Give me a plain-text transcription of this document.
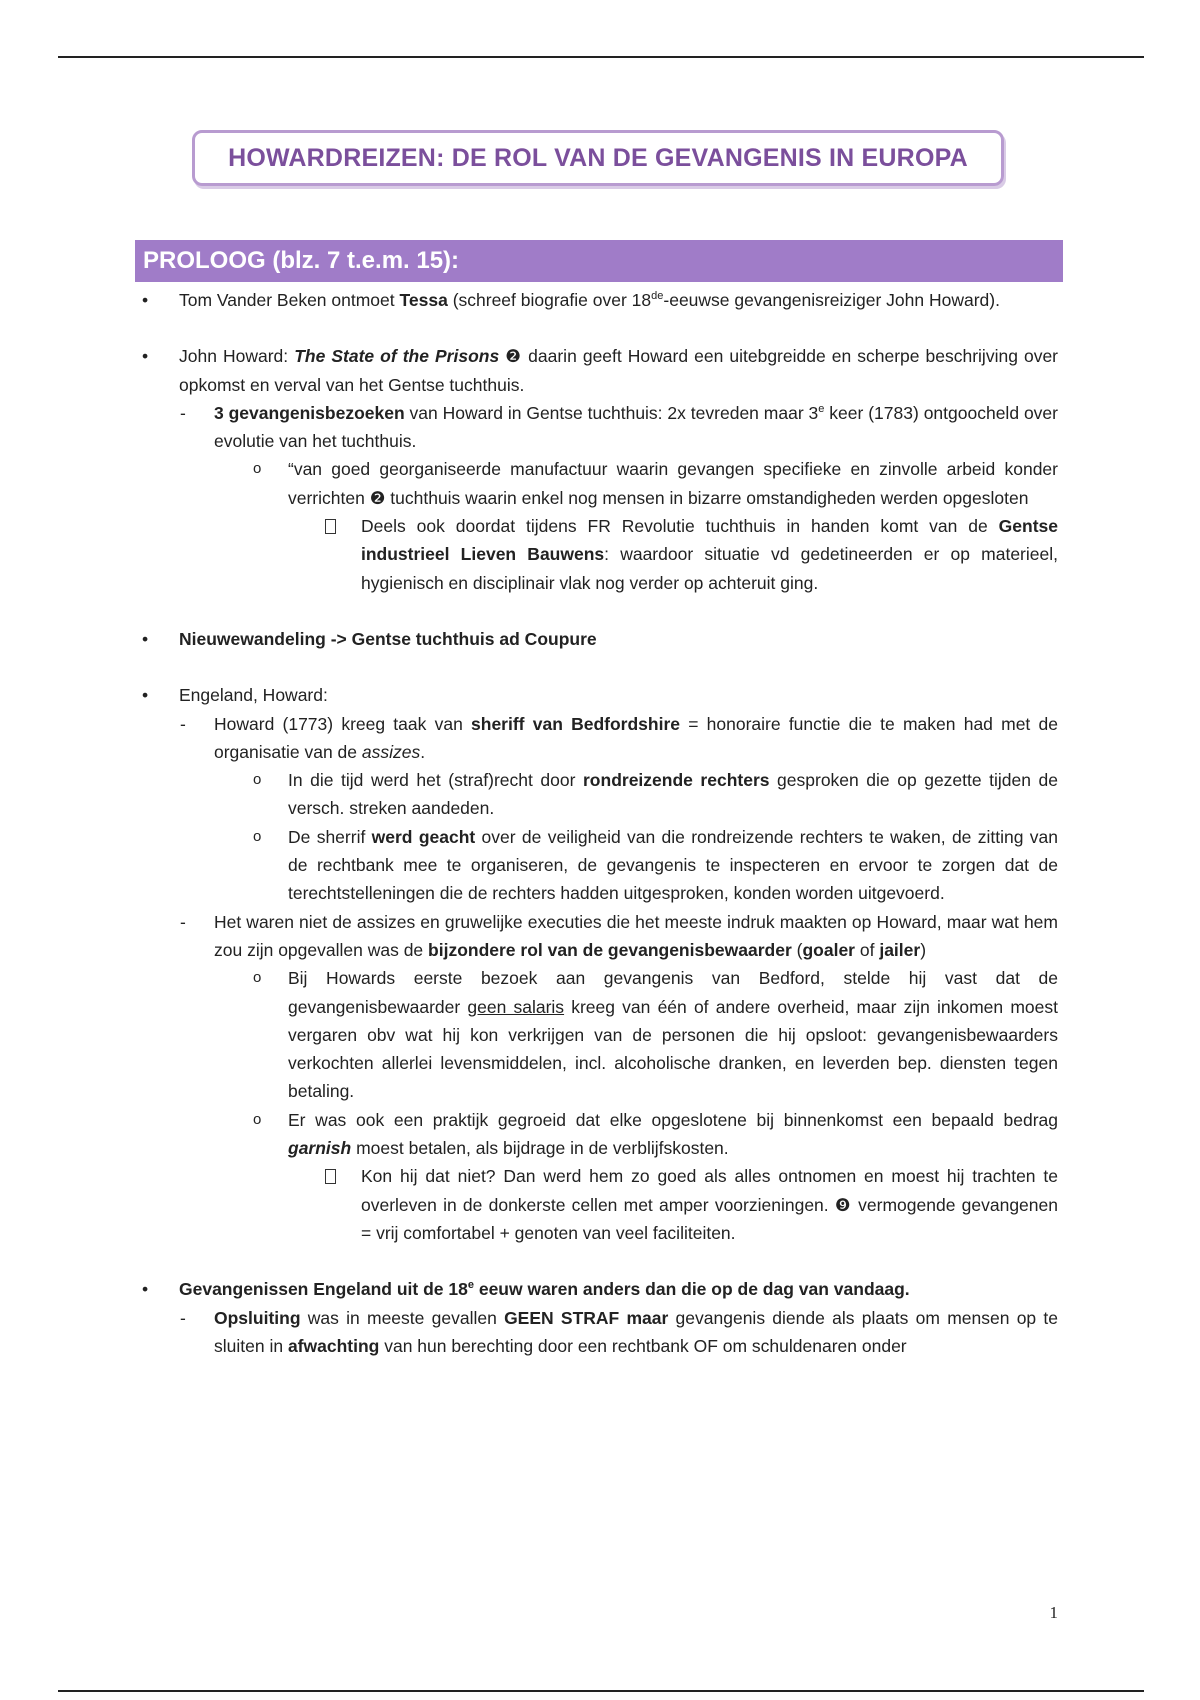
HOWARDREIZEN: DE ROL VAN DE GEVANGENIS IN EUROPA
PROLOOG (blz. 7 t.e.m. 15):
• Tom Vander Beken ontmoet Tessa (schreef biografie over 18de-eeuwse gevangenisreiziger John Howard).
• John Howard: The State of the Prisons ❷ daarin geeft Howard een uitebgreidde en scherpe beschrijving over opkomst en verval van het Gentse tuchthuis.
- 3 gevangenisbezoeken van Howard in Gentse tuchthuis: 2x tevreden maar 3e keer (1783) ontgoocheld over evolutie van het tuchthuis.
o “van goed georganiseerde manufactuur waarin gevangen specifieke en zinvolle arbeid konder verrichten ❷ tuchthuis waarin enkel nog mensen in bizarre omstandigheden werden opgesloten
Deels ook doordat tijdens FR Revolutie tuchthuis in handen komt van de Gentse industrieel Lieven Bauwens: waardoor situatie vd gedetineerden er op materieel, hygienisch en disciplinair vlak nog verder op achteruit ging.
• Nieuwewandeling -> Gentse tuchthuis ad Coupure
• Engeland, Howard:
- Howard (1773) kreeg taak van sheriff van Bedfordshire = honoraire functie die te maken had met de organisatie van de assizes.
o In die tijd werd het (straf)recht door rondreizende rechters gesproken die op gezette tijden de versch. streken aandeden.
o De sherrif werd geacht over de veiligheid van die rondreizende rechters te waken, de zitting van de rechtbank mee te organiseren, de gevangenis te inspecteren en ervoor te zorgen dat de terechtstelleningen die de rechters hadden uitgesproken, konden worden uitgevoerd.
- Het waren niet de assizes en gruwelijke executies die het meeste indruk maakten op Howard, maar wat hem zou zijn opgevallen was de bijzondere rol van de gevangenisbewaarder (goaler of jailer)
o Bij Howards eerste bezoek aan gevangenis van Bedford, stelde hij vast dat de gevangenisbewaarder geen salaris kreeg van één of andere overheid, maar zijn inkomen moest vergaren obv wat hij kon verkrijgen van de personen die hij opsloot: gevangenisbewaarders verkochten allerlei levensmiddelen, incl. alcoholische dranken, en leverden bep. diensten tegen betaling.
o Er was ook een praktijk gegroeid dat elke opgeslotene bij binnenkomst een bepaald bedrag garnish moest betalen, als bijdrage in de verblijfskosten.
Kon hij dat niet? Dan werd hem zo goed als alles ontnomen en moest hij trachten te overleven in de donkerste cellen met amper voorzieningen. ❾ vermogende gevangenen = vrij comfortabel + genoten van veel faciliteiten.
• Gevangenissen Engeland uit de 18e eeuw waren anders dan die op de dag van vandaag.
- Opsluiting was in meeste gevallen GEEN STRAF maar gevangenis diende als plaats om mensen op te sluiten in afwachting van hun berechting door een rechtbank OF om schuldenaren onder
1
